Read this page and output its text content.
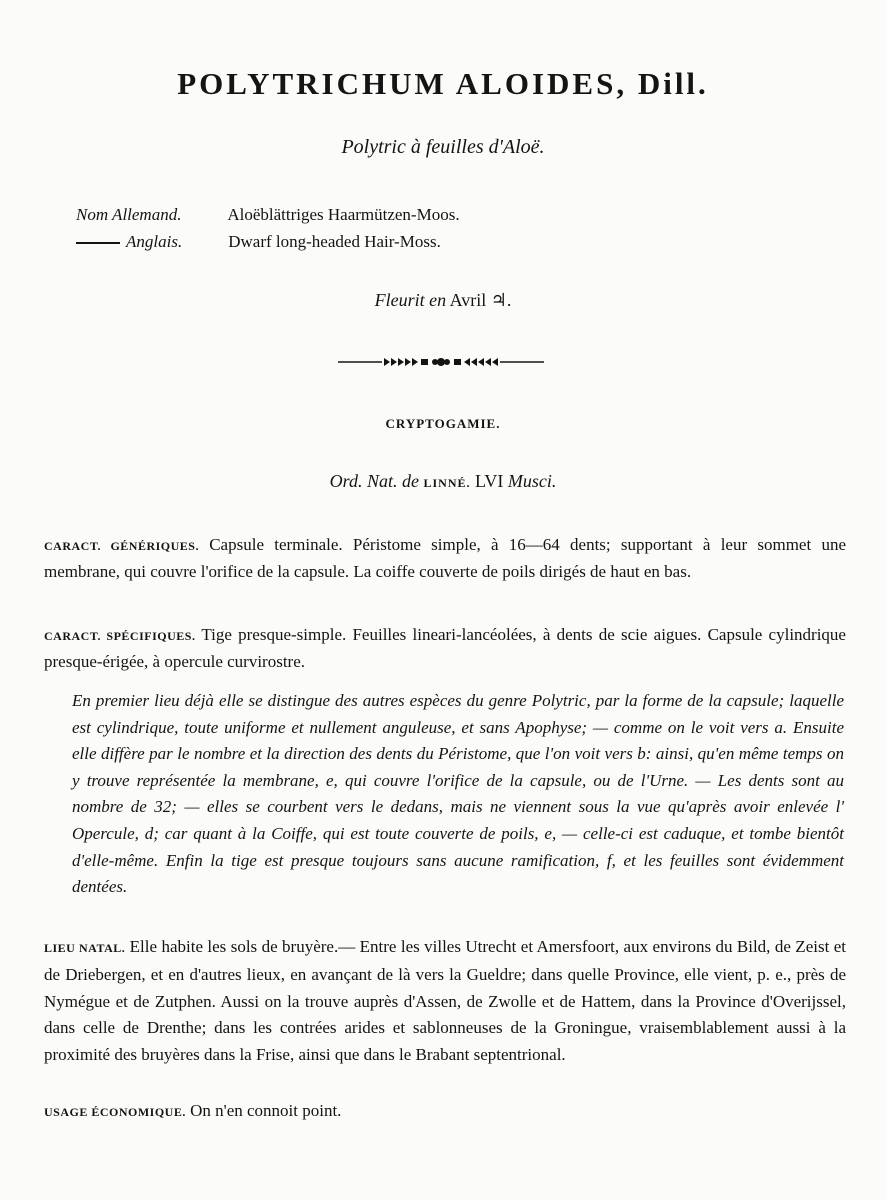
POLYTRICHUM ALOIDES, Dill.
Polytric à feuilles d'Aloë.
Nom Allemand.	Aloëblättriges Haarmützen-Moos.
Anglais.	Dwarf long-headed Hair-Moss.
Fleurit en Avril ♃.
CRYPTOGAMIE.
Ord. Nat. de LINNÉ. LVI Musci.
CARACT. GÉNÉRIQUES. Capsule terminale. Péristome simple, à 16—64 dents; supportant à leur sommet une membrane, qui couvre l'orifice de la capsule. La coiffe couverte de poils dirigés de haut en bas.
CARACT. SPÉCIFIQUES. Tige presque-simple. Feuilles lineari-lancéolées, à dents de scie aigues. Capsule cylindrique presque-érigée, à opercule curvirostre.
En premier lieu déjà elle se distingue des autres espèces du genre Polytric, par la forme de la capsule; laquelle est cylindrique, toute uniforme et nullement anguleuse, et sans Apophyse; — comme on le voit vers a. Ensuite elle diffère par le nombre et la direction des dents du Péristome, que l'on voit vers b: ainsi, qu'en même temps on y trouve représentée la membrane, e, qui couvre l'orifice de la capsule, ou de l'Urne. — Les dents sont au nombre de 32; — elles se courbent vers le dedans, mais ne viennent sous la vue qu'après avoir enlevée l' Opercule, d; car quant à la Coiffe, qui est toute couverte de poils, e, — celle-ci est caduque, et tombe bientôt d'elle-même. Enfin la tige est presque toujours sans aucune ramification, f, et les feuilles sont évidemment dentées.
LIEU NATAL. Elle habite les sols de bruyère.— Entre les villes Utrecht et Amersfoort, aux environs du Bild, de Zeist et de Driebergen, et en d'autres lieux, en avançant de là vers la Gueldre; dans quelle Province, elle vient, p. e., près de Nymégue et de Zutphen. Aussi on la trouve auprès d'Assen, de Zwolle et de Hattem, dans la Province d'Overijssel, dans celle de Drenthe; dans les contrées arides et sablonneuses de la Groningue, vraisemblablement aussi à la proximité des bruyères dans la Frise, ainsi que dans le Brabant septentrional.
USAGE ÉCONOMIQUE. On n'en connoit point.
